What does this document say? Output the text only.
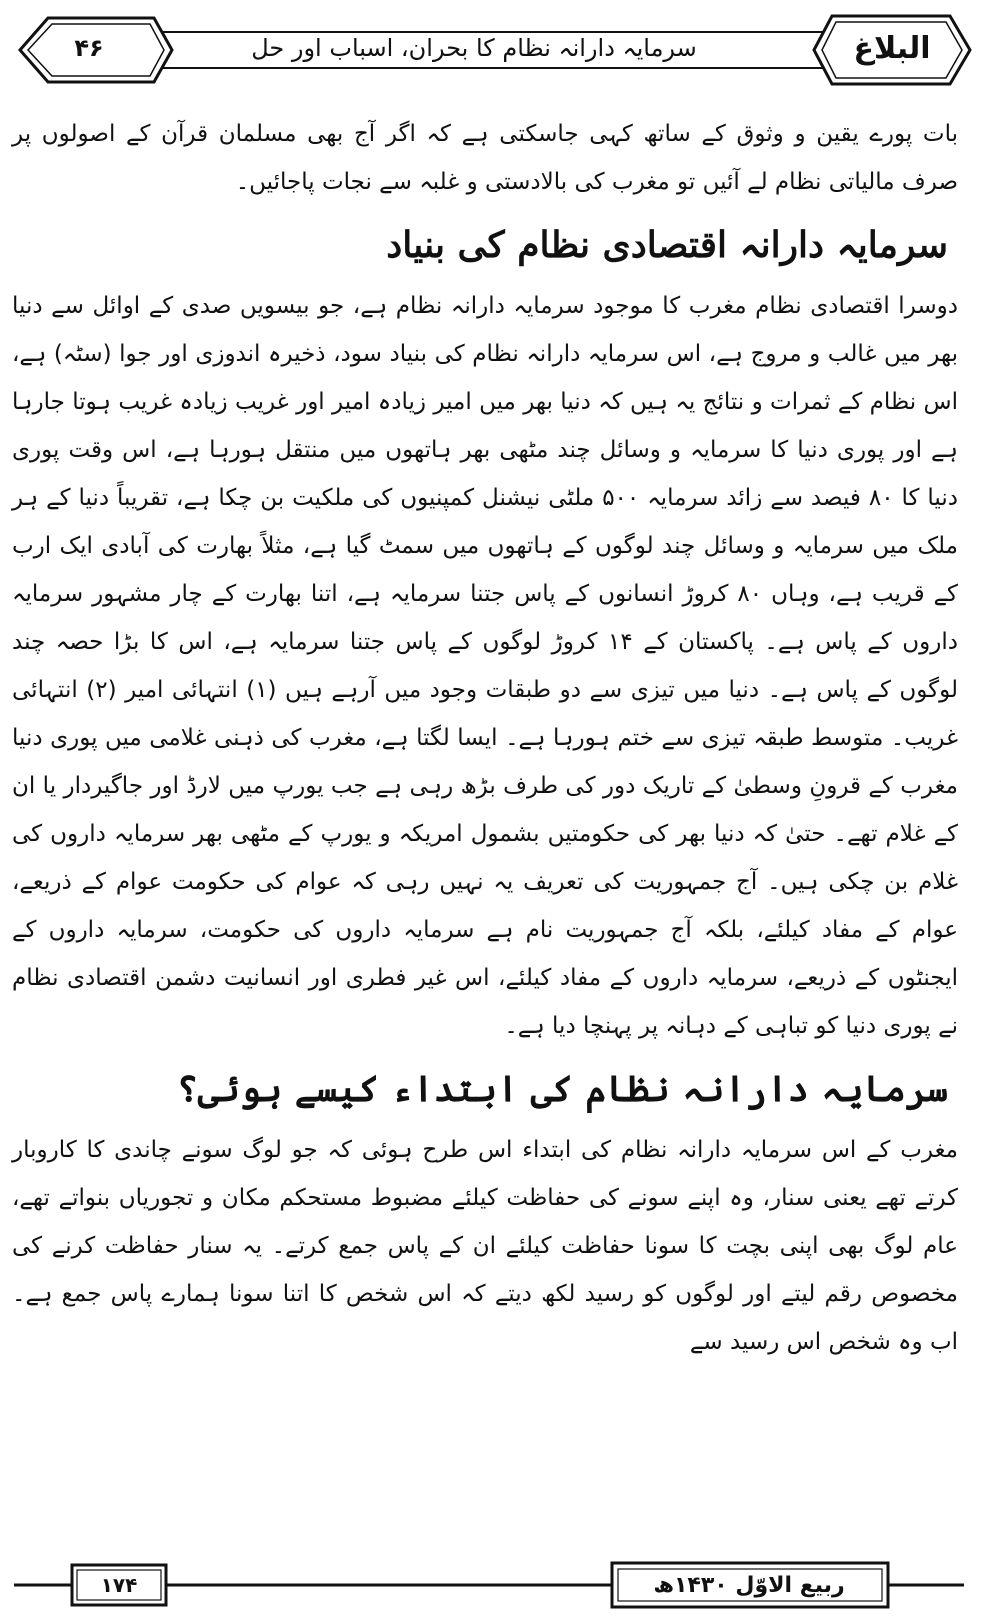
۴۶	سرمایہ دارانہ نظام کا بحران، اسباب اور حل	البلاغ

بات پورے یقین و وثوق کے ساتھ کہی جاسکتی ہے کہ اگر آج بھی مسلمان قرآن کے اصولوں پر صرف مالیاتی نظام لے آئیں تو مغرب کی بالادستی و غلبہ سے نجات پاجائیں۔

سرمایہ دارانہ اقتصادی نظام کی بنیاد

دوسرا اقتصادی نظام مغرب کا موجود سرمایہ دارانہ نظام ہے، جو بیسویں صدی کے اوائل سے دنیا بھر میں غالب و مروج ہے، اس سرمایہ دارانہ نظام کی بنیاد سود، ذخیرہ اندوزی اور جوا (سٹہ) ہے، اس نظام کے ثمرات و نتائج یہ ہیں کہ دنیا بھر میں امیر زیادہ امیر اور غریب زیادہ غریب ہوتا جارہا ہے اور پوری دنیا کا سرمایہ و وسائل چند مٹھی بھر ہاتھوں میں منتقل ہورہا ہے، اس وقت پوری دنیا کا ۸۰ فیصد سے زائد سرمایہ ۵۰۰ ملٹی نیشنل کمپنیوں کی ملکیت بن چکا ہے، تقریباً دنیا کے ہر ملک میں سرمایہ و وسائل چند لوگوں کے ہاتھوں میں سمٹ گیا ہے، مثلاً بھارت کی آبادی ایک ارب کے قریب ہے، وہاں ۸۰ کروڑ انسانوں کے پاس جتنا سرمایہ ہے، اتنا بھارت کے چار مشہور سرمایہ داروں کے پاس ہے۔ پاکستان کے ۱۴ کروڑ لوگوں کے پاس جتنا سرمایہ ہے، اس کا بڑا حصہ چند لوگوں کے پاس ہے۔ دنیا میں تیزی سے دو طبقات وجود میں آرہے ہیں (۱) انتہائی امیر (۲) انتہائی غریب۔ متوسط طبقہ تیزی سے ختم ہورہا ہے۔ ایسا لگتا ہے، مغرب کی ذہنی غلامی میں پوری دنیا مغرب کے قرونِ وسطیٰ کے تاریک دور کی طرف بڑھ رہی ہے جب یورپ میں لارڈ اور جاگیردار یا ان کے غلام تھے۔ حتیٰ کہ دنیا بھر کی حکومتیں بشمول امریکہ و یورپ کے مٹھی بھر سرمایہ داروں کی غلام بن چکی ہیں۔ آج جمہوریت کی تعریف یہ نہیں رہی کہ عوام کی حکومت عوام کے ذریعے، عوام کے مفاد کیلئے، بلکہ آج جمہوریت نام ہے سرمایہ داروں کی حکومت، سرمایہ داروں کے ایجنٹوں کے ذریعے، سرمایہ داروں کے مفاد کیلئے، اس غیر فطری اور انسانیت دشمن اقتصادی نظام نے پوری دنیا کو تباہی کے دہانہ پر پہنچا دیا ہے۔

سرمایہ دارانہ نظام کی ابتداء کیسے ہوئی؟

مغرب کے اس سرمایہ دارانہ نظام کی ابتداء اس طرح ہوئی کہ جو لوگ سونے چاندی کا کاروبار کرتے تھے یعنی سنار، وہ اپنے سونے کی حفاظت کیلئے مضبوط مستحکم مکان و تجوریاں بنواتے تھے، عام لوگ بھی اپنی بچت کا سونا حفاظت کیلئے ان کے پاس جمع کرتے۔ یہ سنار حفاظت کرنے کی مخصوص رقم لیتے اور لوگوں کو رسید لکھ دیتے کہ اس شخص کا اتنا سونا ہمارے پاس جمع ہے۔ اب وہ شخص اس رسید سے

۱۷۴	ربیع الاوّل ۱۴۳۰ھ
